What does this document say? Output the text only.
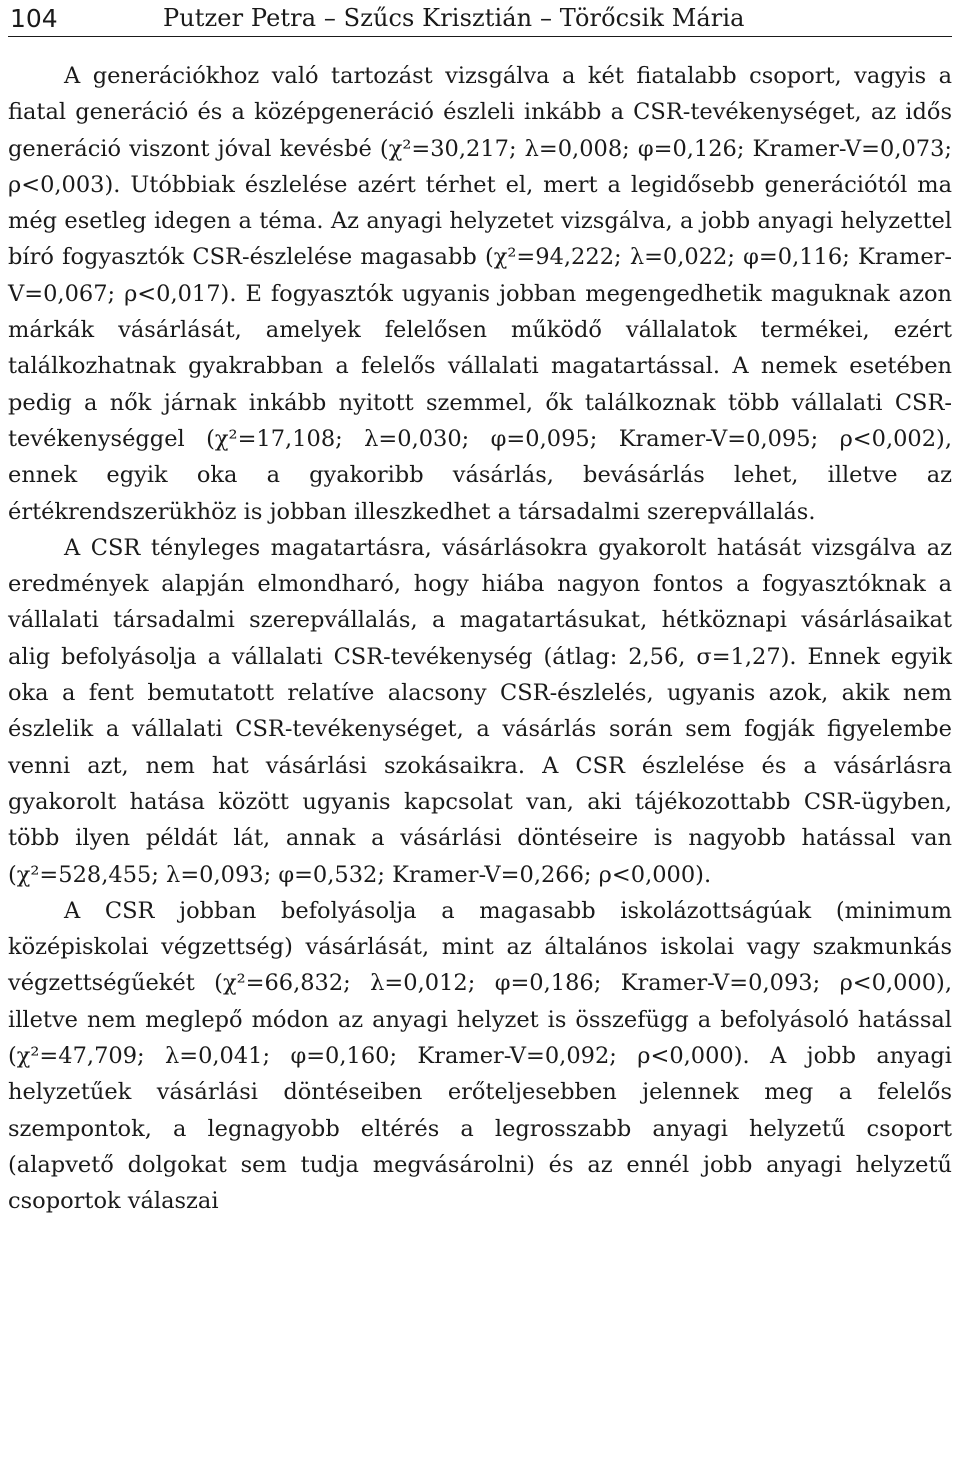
104	Putzer Petra – Szűcs Krisztián – Törőcsik Mária

A generációkhoz való tartozást vizsgálva a két fiatalabb csoport, vagyis a fiatal generáció és a középgeneráció észleli inkább a CSR-tevékenységet, az idős generáció viszont jóval kevésbé (χ²=30,217; λ=0,008; φ=0,126; Kramer-V=0,073; ρ<0,003). Utóbbiak észlelése azért térhet el, mert a legidősebb generációtól ma még esetleg idegen a téma. Az anyagi helyzetet vizsgálva, a jobb anyagi helyzettel bíró fogyasztók CSR-észlelése magasabb (χ²=94,222; λ=0,022; φ=0,116; Kramer-V=0,067; ρ<0,017). E fogyasztók ugyanis jobban megengedhetik maguknak azon márkák vásárlását, amelyek felelősen működő vállalatok termékei, ezért találkozhatnak gyakrabban a felelős vállalati magatartással. A nemek esetében pedig a nők járnak inkább nyitott szemmel, ők találkoznak több vállalati CSR-tevékenységgel (χ²=17,108; λ=0,030; φ=0,095; Kramer-V=0,095; ρ<0,002), ennek egyik oka a gyakoribb vásárlás, bevásárlás lehet, illetve az értékrendszerükhöz is jobban illeszkedhet a társadalmi szerepvállalás.

A CSR tényleges magatartásra, vásárlásokra gyakorolt hatását vizsgálva az eredmények alapján elmondharó, hogy hiába nagyon fontos a fogyasztóknak a vállalati társadalmi szerepvállalás, a magatartásukat, hétköznapi vásárlásaikat alig befolyásolja a vállalati CSR-tevékenység (átlag: 2,56, σ=1,27). Ennek egyik oka a fent bemutatott relatíve alacsony CSR-észlelés, ugyanis azok, akik nem észlelik a vállalati CSR-tevékenységet, a vásárlás során sem fogják figyelembe venni azt, nem hat vásárlási szokásaikra. A CSR észlelése és a vásárlásra gyakorolt hatása között ugyanis kapcsolat van, aki tájékozottabb CSR-ügyben, több ilyen példát lát, annak a vásárlási döntéseire is nagyobb hatással van (χ²=528,455; λ=0,093; φ=0,532; Kramer-V=0,266; ρ<0,000).

A CSR jobban befolyásolja a magasabb iskolázottságúak (minimum középiskolai végzettség) vásárlását, mint az általános iskolai vagy szakmunkás végzettségűekét (χ²=66,832; λ=0,012; φ=0,186; Kramer-V=0,093; ρ<0,000), illetve nem meglepő módon az anyagi helyzet is összefügg a befolyásoló hatással (χ²=47,709; λ=0,041; φ=0,160; Kramer-V=0,092; ρ<0,000). A jobb anyagi helyzetűek vásárlási döntéseiben erőteljesebben jelennek meg a felelős szempontok, a legnagyobb eltérés a legrosszabb anyagi helyzetű csoport (alapvető dolgokat sem tudja megvásárolni) és az ennél jobb anyagi helyzetű csoportok válaszai
